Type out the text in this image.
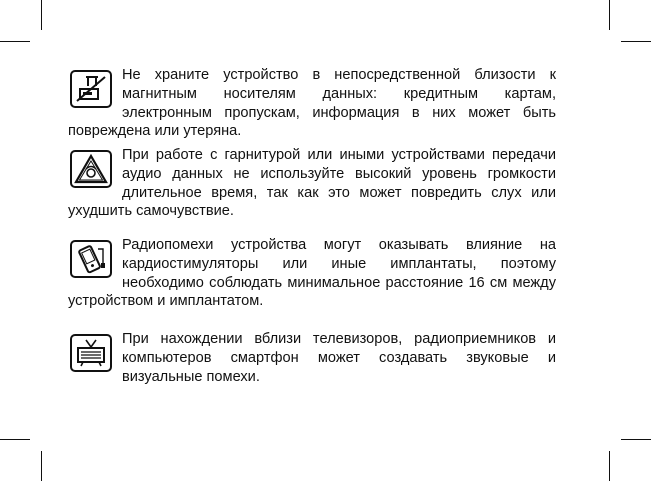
Не храните устройство в непосредственной близости к магнитным носителям данных: кредитным картам, электронным пропускам, информация в них может быть повреждена или утеряна.

При работе с гарнитурой или иными устройствами передачи аудио данных не используйте высокий уровень громкости длительное время, так как это может повредить слух или ухудшить самочувствие.

Радиопомехи устройства могут оказывать влияние на кардиостимуляторы или иные имплантаты, поэтому необходимо соблюдать минимальное расстояние 16 см между устройством и имплантатом.

При нахождении вблизи телевизоров, радиоприемников и компьютеров смартфон может создавать звуковые и визуальные помехи.
